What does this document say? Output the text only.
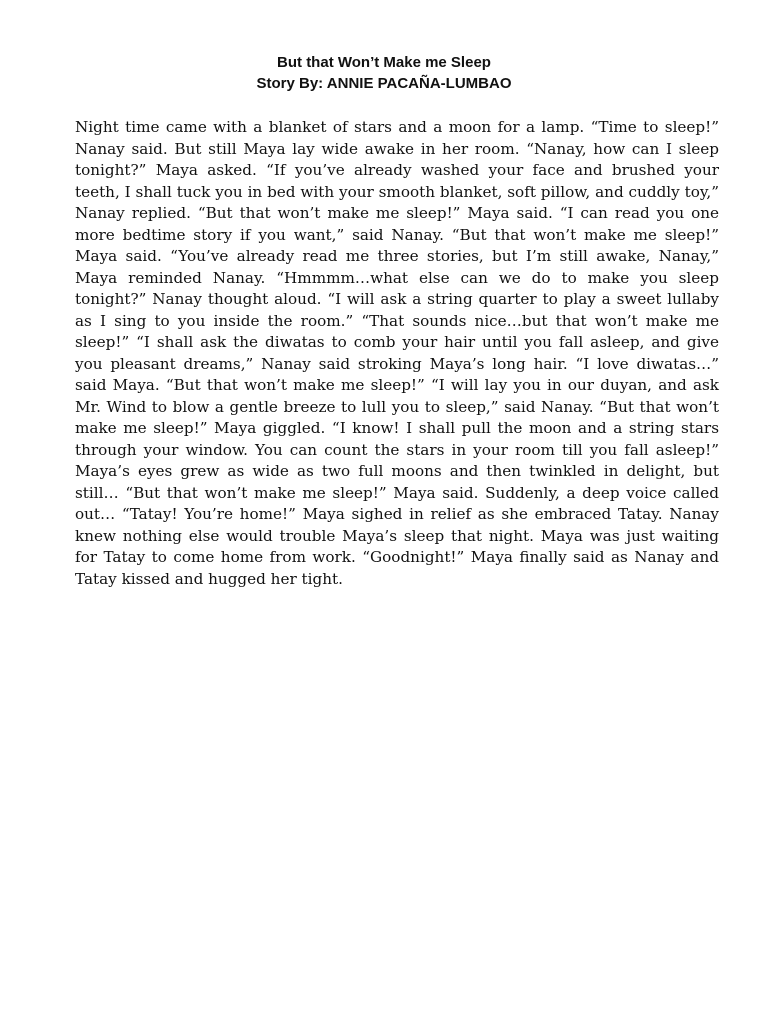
But that Won’t Make me Sleep
Story By: ANNIE PACAÑA-LUMBAO

Night time came with a blanket of stars and a moon for a lamp. “Time to sleep!” Nanay said. But still Maya lay wide awake in her room. “Nanay, how can I sleep tonight?” Maya asked. “If you’ve already washed your face and brushed your teeth, I shall tuck you in bed with your smooth blanket, soft pillow, and cuddly toy,” Nanay replied. “But that won’t make me sleep!” Maya said. “I can read you one more bedtime story if you want,” said Nanay. “But that won’t make me sleep!” Maya said. “You’ve already read me three stories, but I’m still awake, Nanay,” Maya reminded Nanay. “Hmmmm…what else can we do to make you sleep tonight?” Nanay thought aloud. “I will ask a string quarter to play a sweet lullaby as I sing to you inside the room.” “That sounds nice…but that won’t make me sleep!” “I shall ask the diwatas to comb your hair until you fall asleep, and give you pleasant dreams,” Nanay said stroking Maya’s long hair. “I love diwatas…” said Maya. “But that won’t make me sleep!” “I will lay you in our duyan, and ask Mr. Wind to blow a gentle breeze to lull you to sleep,” said Nanay. “But that won’t make me sleep!” Maya giggled. “I know! I shall pull the moon and a string stars through your window. You can count the stars in your room till you fall asleep!” Maya’s eyes grew as wide as two full moons and then twinkled in delight, but still… “But that won’t make me sleep!” Maya said. Suddenly, a deep voice called out… “Tatay! You’re home!” Maya sighed in relief as she embraced Tatay. Nanay knew nothing else would trouble Maya’s sleep that night. Maya was just waiting for Tatay to come home from work. “Goodnight!” Maya finally said as Nanay and Tatay kissed and hugged her tight.
